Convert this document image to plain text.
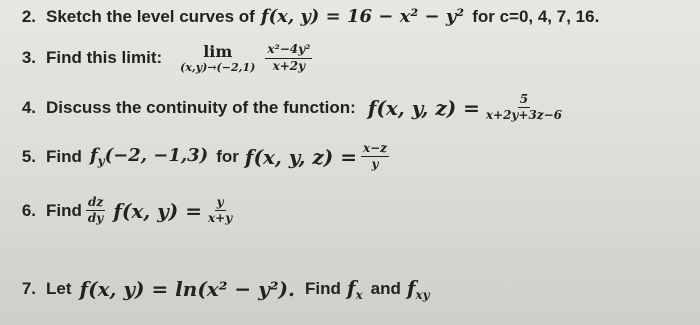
2. Sketch the level curves of f(x, y) = 16 − x² − y² for c=0, 4, 7, 16.
3. Find this limit:	lim
$(x,y)\to(-2,1) \frac{\text{x²−4y²}}{x+2y}$
4. Discuss the continuity of the function: f(x, y, $z) = \frac{5}{x+2y+3z-6}$
5. Find $f_y(-2$, −1,3) for f(x, y, $z) = \frac{x-z}{y}$
6. Find $\frac{dz}{dy} f(x$, $y) = \frac{y}{x+y}$
7. Let f(x, y) = ln(x² − y²). Find $f_x$ and $f_{xy}$
